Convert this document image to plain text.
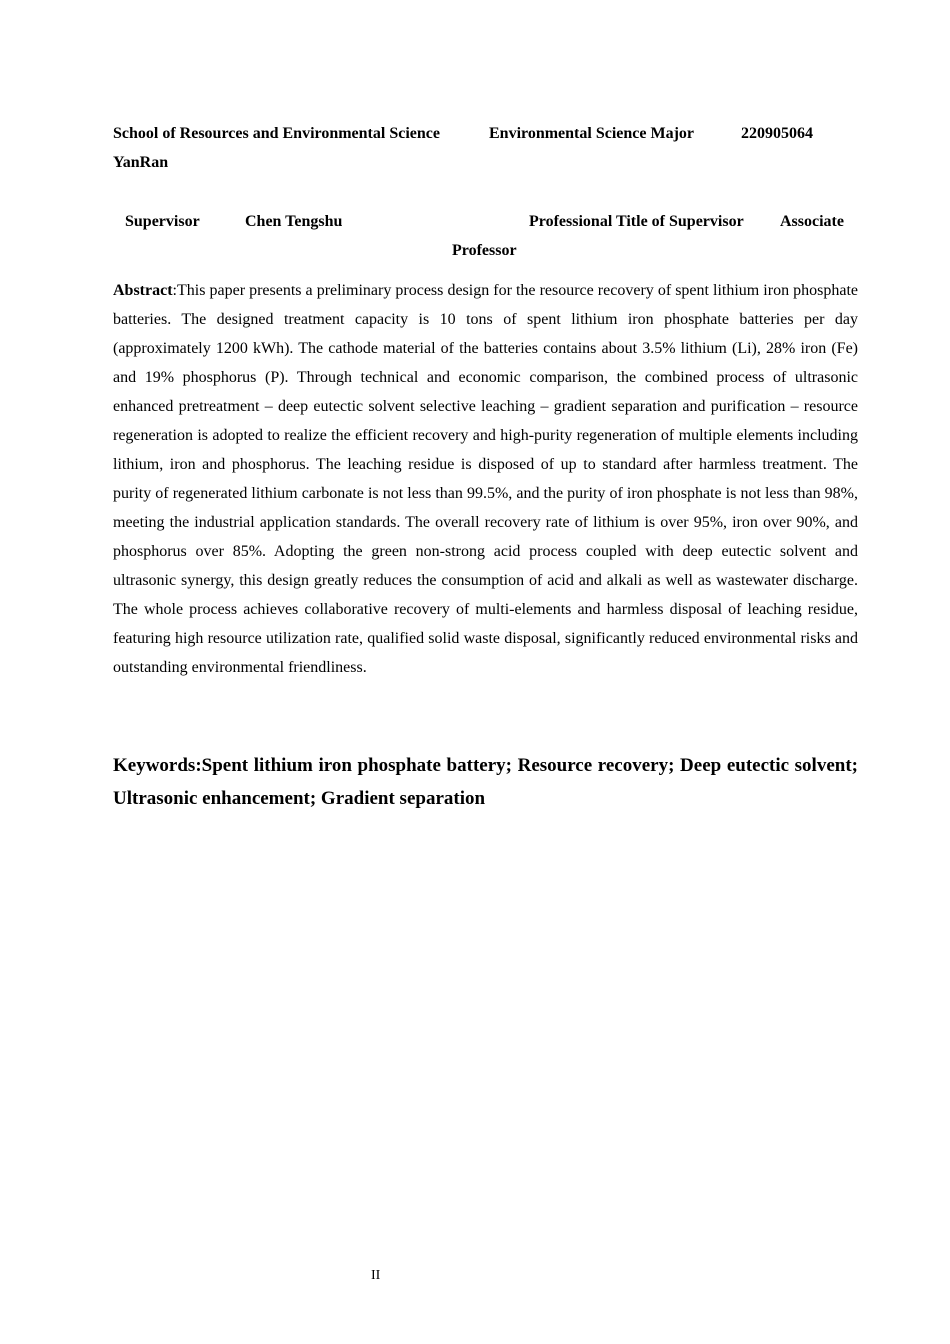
School of Resources and Environmental Science	Environmental Science Major	220905064
YanRan
Supervisor	Chen Tengshu	Professional Title of Supervisor Associate
Professor

Abstract:This paper presents a preliminary process design for the resource recovery of spent lithium iron phosphate batteries. The designed treatment capacity is 10 tons of spent lithium iron phosphate batteries per day (approximately 1200 kWh). The cathode material of the batteries contains about 3.5% lithium (Li), 28% iron (Fe) and 19% phosphorus (P). Through technical and economic comparison, the combined process of ultrasonic enhanced pretreatment – deep eutectic solvent selective leaching – gradient separation and purification – resource regeneration is adopted to realize the efficient recovery and high-purity regeneration of multiple elements including lithium, iron and phosphorus. The leaching residue is disposed of up to standard after harmless treatment. The purity of regenerated lithium carbonate is not less than 99.5%, and the purity of iron phosphate is not less than 98%, meeting the industrial application standards. The overall recovery rate of lithium is over 95%, iron over 90%, and phosphorus over 85%. Adopting the green non-strong acid process coupled with deep eutectic solvent and ultrasonic synergy, this design greatly reduces the consumption of acid and alkali as well as wastewater discharge. The whole process achieves collaborative recovery of multi-elements and harmless disposal of leaching residue, featuring high resource utilization rate, qualified solid waste disposal, significantly reduced environmental risks and outstanding environmental friendliness.

Keywords:Spent lithium iron phosphate battery; Resource recovery; Deep eutectic solvent; Ultrasonic enhancement; Gradient separation

II
